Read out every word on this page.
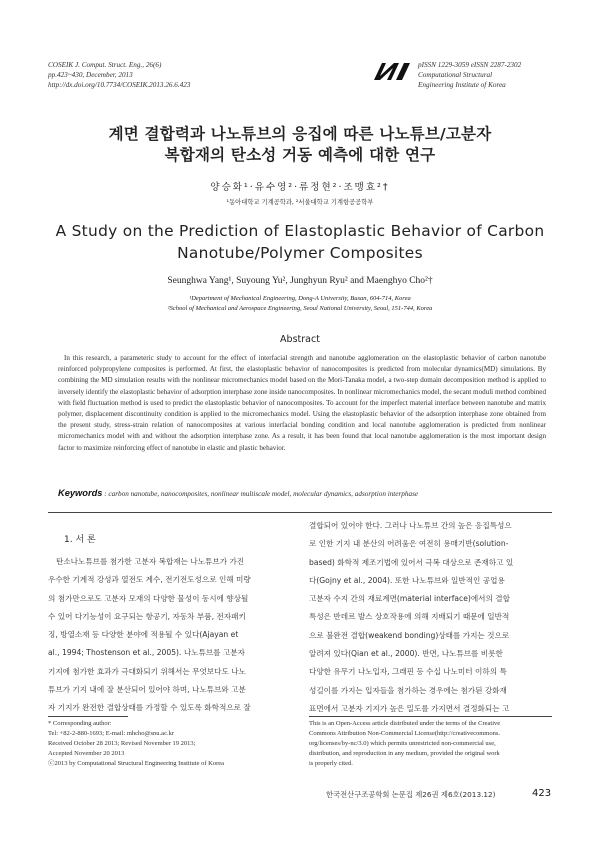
COSEIK J. Comput. Struct. Eng., 26(6)
pp.423~430, December, 2013
http://dx.doi.org/10.7734/COSEIK.2013.26.6.423
pISSN 1229-3059 eISSN 2287-2302
Computational Structural
Engineering Institute of Korea
계면 결합력과 나노튜브의 응집에 따른 나노튜브/고분자
복합재의 탄소성 거동 예측에 대한 연구
양승화¹·유수영²·류정현²·조맹효²†
¹동아대학교 기계공학과, ²서울대학교 기계항공공학부
A Study on the Prediction of Elastoplastic Behavior of Carbon
Nanotube/Polymer Composites
Seunghwa Yang¹, Suyoung Yu², Junghyun Ryu² and Maenghyo Cho²†
¹Department of Mechanical Engineering, Dong-A University, Busan, 604-714, Korea
²School of Mechanical and Aerospace Engineering, Seoul National University, Seoul, 151-744, Korea
Abstract
In this research, a parameteric study to account for the effect of interfacial strength and nanotube agglomeration on the elastoplastic behavior of carbon nanotube reinforced polypropylene composites is performed. At first, the elastoplastic behavior of nanocomposites is predicted from molecular dynamics(MD) simulations. By combining the MD simulation results with the nonlinear micromechanics model based on the Mori-Tanaka model, a two-step domain decomposition method is applied to inversely identify the elastoplastic behavior of adsorption interphase zone inside nanocomposites. In nonlinear micromechanics model, the secant moduli method combined with field fluctuation method is used to predict the elastoplastic behavior of nanocomposites. To account for the imperfect material interface between nanotube and matrix polymer, displacement discontinuity condition is applied to the micromechanics model. Using the elastoplastic behavior of the adsorption interphase zone obtained from the present study, stress-strain relation of nanocomposites at various interfacial bonding condition and local nanotube agglomeration is predicted from nonlinear micromechanics model with and without the adsorption interphase zone. As a result, it has been found that local nanotube agglomeration is the most important design factor to maximize reinforcing effect of nanotube in elastic and plastic behavior.
Keywords : carbon nanotube, nanocomposites, nonlinear multiscale model, molecular dynamics, adsorption interphase
1. 서 론
탄소나노튜브를 첨가한 고분자 복합재는 나노튜브가 가진
우수한 기계적 강성과 열전도 계수, 전기전도성으로 인해 미량
의 첨가만으로도 고분자 모재의 다양한 물성이 동시에 향상될
수 있어 다기능성이 요구되는 항공기, 자동차 부품, 전자패키
징, 방열소재 등 다양한 분야에 적용될 수 있다(Ajayan et
al., 1994; Thostenson et al., 2005). 나노튜브를 고분자
기지에 첨가한 효과가 극대화되기 위해서는 무엇보다도 나노
튜브가 기지 내에 잘 분산되어 있어야 하며, 나노튜브와 고분
자 기지가 완전한 결합상태를 가정할 수 있도록 화학적으로 잘
결합되어 있어야 한다. 그러나 나노튜브 간의 높은 응집특성으
로 인한 기지 내 분산의 어려움은 여전히 용매기반(solution-
based) 화학적 제조기법에 있어서 극복 대상으로 존재하고 있
다(Gojny et al., 2004). 또한 나노튜브와 일반적인 공업용
고분자 수지 간의 재료계면(material interface)에서의 결합
특성은 반데르 발스 상호작용에 의해 지배되기 때문에 일반적
으로 불완전 결합(weakend bonding)상태를 가지는 것으로
알려져 있다(Qian et al., 2000). 반면, 나노튜브를 비롯한
다양한 유무기 나노입자, 그래핀 등 수십 나노미터 이하의 특
성길이를 가지는 입자들을 첨가하는 경우에는 첨가된 강화재
표면에서 고분자 기지가 높은 밀도를 가지면서 결정화되는 고
* Corresponding author:
Tel: +82-2-880-1693; E-mail: mhcho@snu.ac.kr
Received October 28 2013; Revised November 19 2013;
Accepted November 20 2013
ⓒ2013 by Computational Structural Engineering Institute of Korea
This is an Open-Access article distributed under the terms of the Creative
Commons Attribution Non-Commercial License(http://creativecommons.
org/licenses/by-nc/3.0) which permits unrestricted non-commercial use,
distribution, and reproduction in any medium, provided the original work
is properly cited.
한국전산구조공학회 논문집 제26권 제6호(2013.12)	423
